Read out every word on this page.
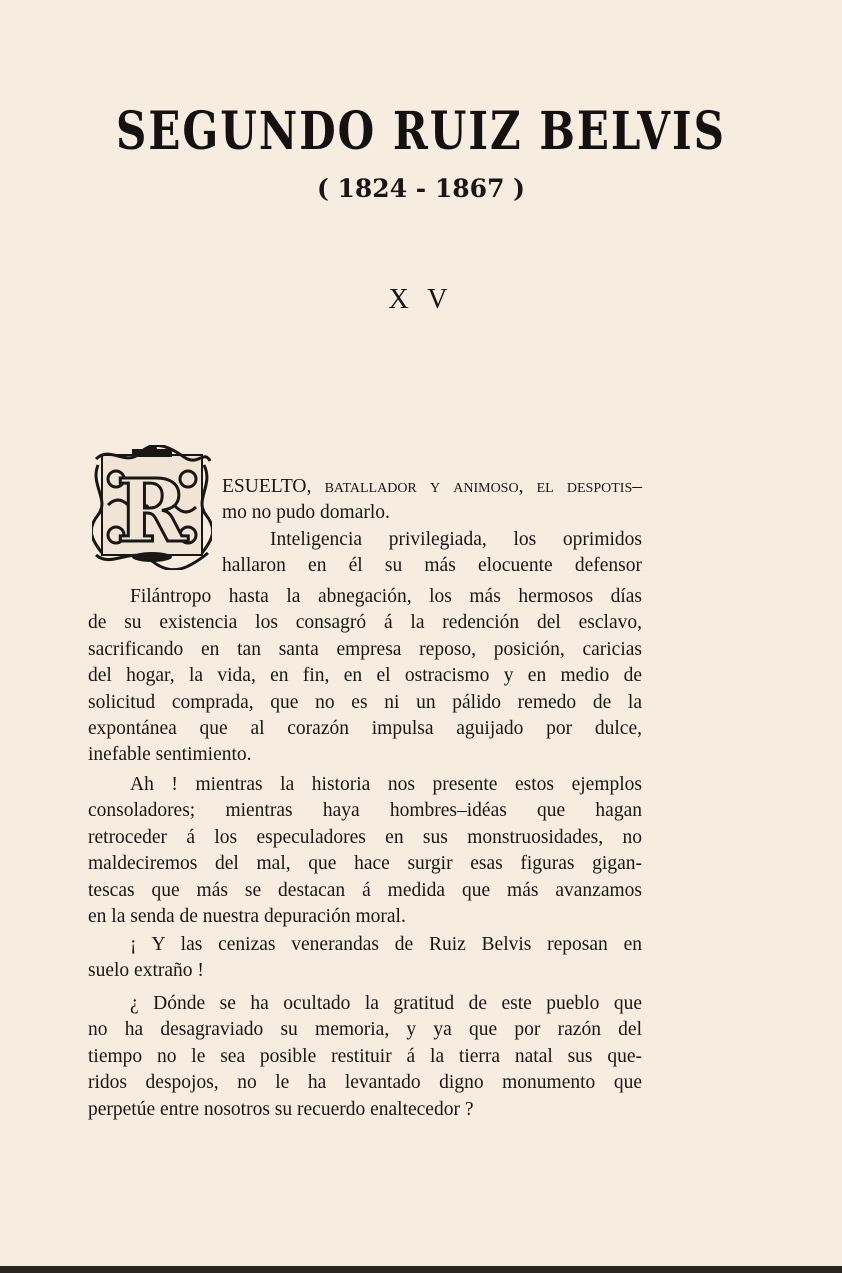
SEGUNDO RUIZ BELVIS
( 1824 - 1867 )
X V
R ESUELTO, batallador y animoso, el despotis–
mo no pudo domarlo.
Inteligencia privilegiada, los oprimidos
hallaron en él su más elocuente defensor
Filántropo hasta la abnegación, los más hermosos días
de su existencia los consagró á la redención del esclavo,
sacrificando en tan santa empresa reposo, posición, caricias
del hogar, la vida, en fin, en el ostracismo y en medio de
solicitud comprada, que no es ni un pálido remedo de la
expontánea que al corazón impulsa aguijado por dulce,
inefable sentimiento.
Ah ! mientras la historia nos presente estos ejemplos
consoladores; mientras haya hombres–idéas que hagan
retroceder á los especuladores en sus monstruosidades, no
maldeciremos del mal, que hace surgir esas figuras gigan-
tescas que más se destacan á medida que más avanzamos
en la senda de nuestra depuración moral.
¡ Y las cenizas venerandas de Ruiz Belvis reposan en
suelo extraño !
¿ Dónde se ha ocultado la gratitud de este pueblo que
no ha desagraviado su memoria, y ya que por razón del
tiempo no le sea posible restituir á la tierra natal sus que-
ridos despojos, no le ha levantado digno monumento que
perpetúe entre nosotros su recuerdo enaltecedor ?
